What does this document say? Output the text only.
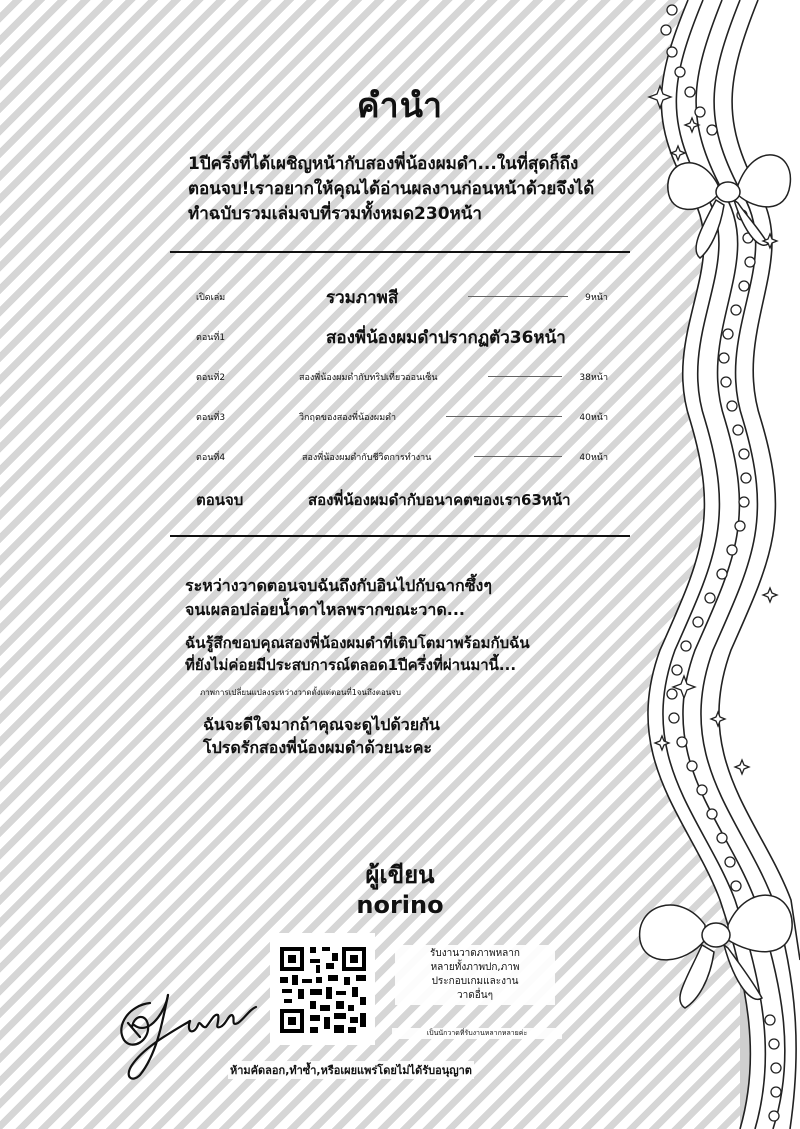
คำนำ
1ปีครึ่งที่ได้เผชิญหน้ากับสองพี่น้องผมดำ...ในที่สุดก็ถึง
ตอนจบ!เราอยากให้คุณได้อ่านผลงานก่อนหน้าด้วยจึงได้
ทำฉบับรวมเล่มจบที่รวมทั้งหมด230หน้า
เปิดเล่ม	รวมภาพสี	9หน้า
ตอนที่1	สองพี่น้องผมดำปรากฏตัว36หน้า
ตอนที่2	สองพี่น้องผมดำกับทริปเที่ยวออนเซ็น	38หน้า
ตอนที่3	วิกฤตของสองพี่น้องผมดำ	40หน้า
ตอนที่4	สองพี่น้องผมดำกับชีวิตการทำงาน	40หน้า
ตอนจบ	สองพี่น้องผมดำกับอนาคตของเรา63หน้า
ระหว่างวาดตอนจบฉันถึงกับอินไปกับฉากซึ้งๆ
จนเผลอปล่อยน้ำตาไหลพรากขณะวาด...
ฉันรู้สึกขอบคุณสองพี่น้องผมดำที่เติบโตมาพร้อมกับฉัน
ที่ยังไม่ค่อยมีประสบการณ์ตลอด1ปีครึ่งที่ผ่านมานี้...
ภาพการเปลี่ยนแปลงระหว่างวาดตั้งแต่ตอนที่1จนถึงตอนจบ
ฉันจะดีใจมากถ้าคุณจะดูไปด้วยกัน
โปรดรักสองพี่น้องผมดำด้วยนะคะ
ผู้เขียน
norino
รับงานวาดภาพหลาก
หลายทั้งภาพปก,ภาพ
ประกอบเกมและงาน
วาดอื่นๆ
เป็นนักวาดที่รับงานหลากหลายค่ะ
ห้ามคัดลอก,ทำซ้ำ,หรือเผยแพร่โดยไม่ได้รับอนุญาต
